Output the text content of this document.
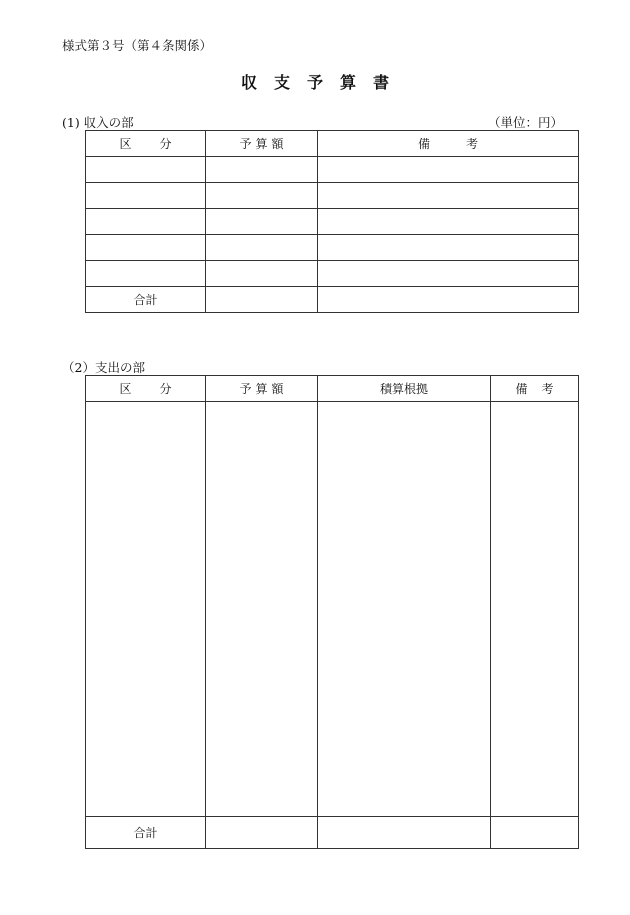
様式第３号（第４条関係）
収支予算書
(1) 収入の部	（単位：円）
区分	予算額	備考

合計		
（2）支出の部
区分	予算額	積算根拠	備考

合計			
